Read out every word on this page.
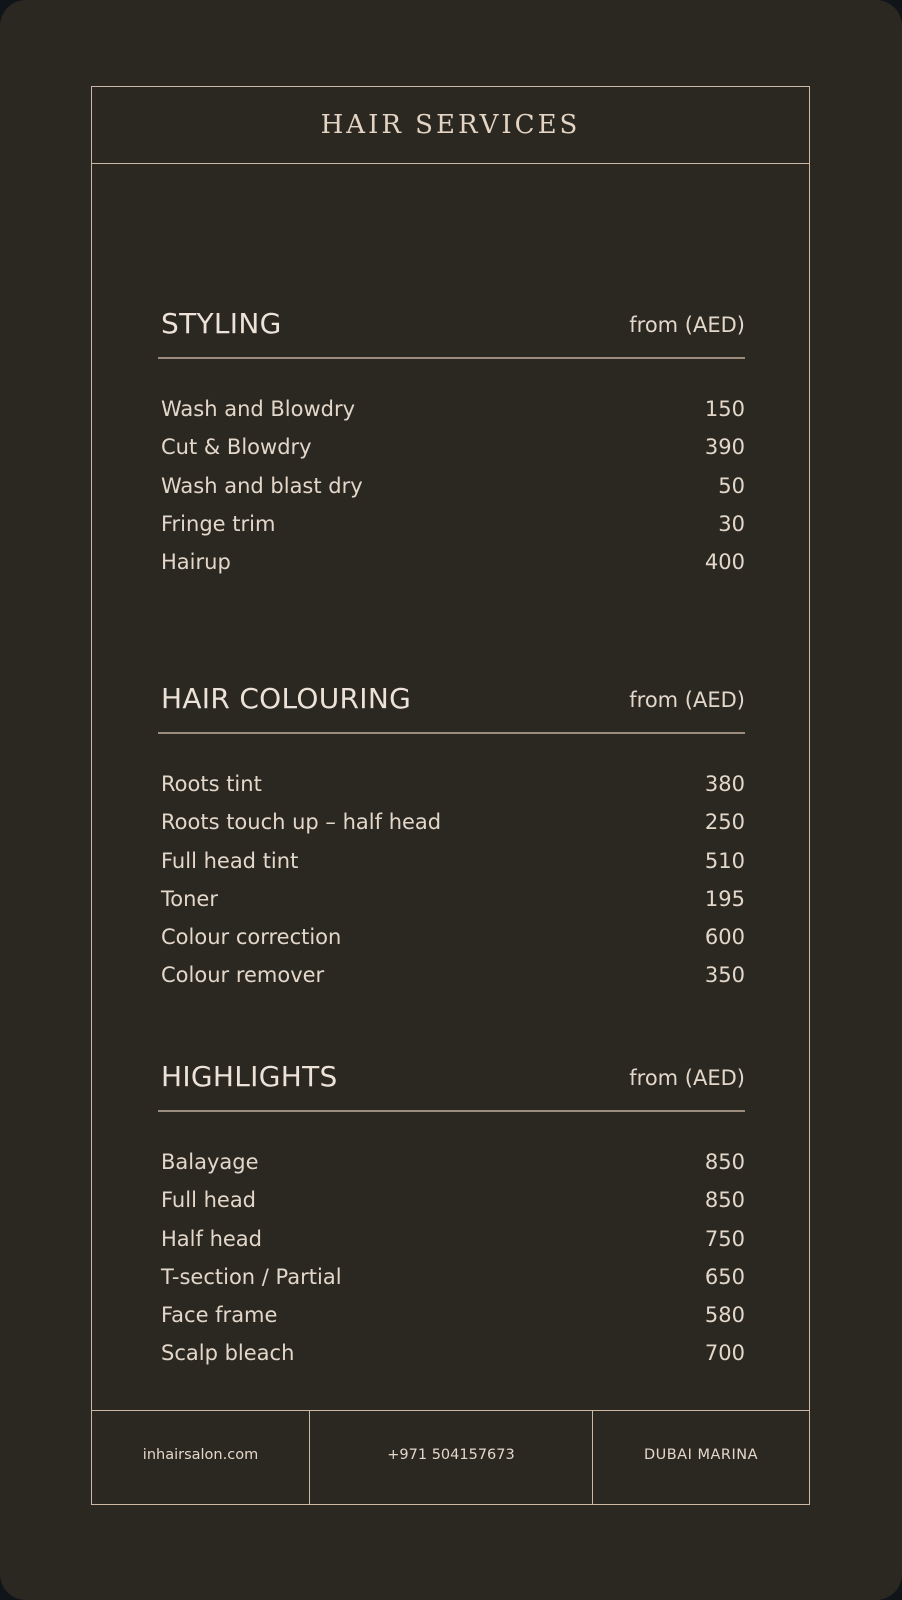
HAIR SERVICES
STYLING	from (AED)
Wash and Blowdry	150
Cut & Blowdry	390
Wash and blast dry	50
Fringe trim	30
Hairup	400
HAIR COLOURING	from (AED)
Roots tint	380
Roots touch up – half head	250
Full head tint	510
Toner	195
Colour correction	600
Colour remover	350
HIGHLIGHTS	from (AED)
Balayage	850
Full head	850
Half head	750
T-section / Partial	650
Face frame	580
Scalp bleach	700
inhairsalon.com	+971 504157673	DUBAI MARINA
